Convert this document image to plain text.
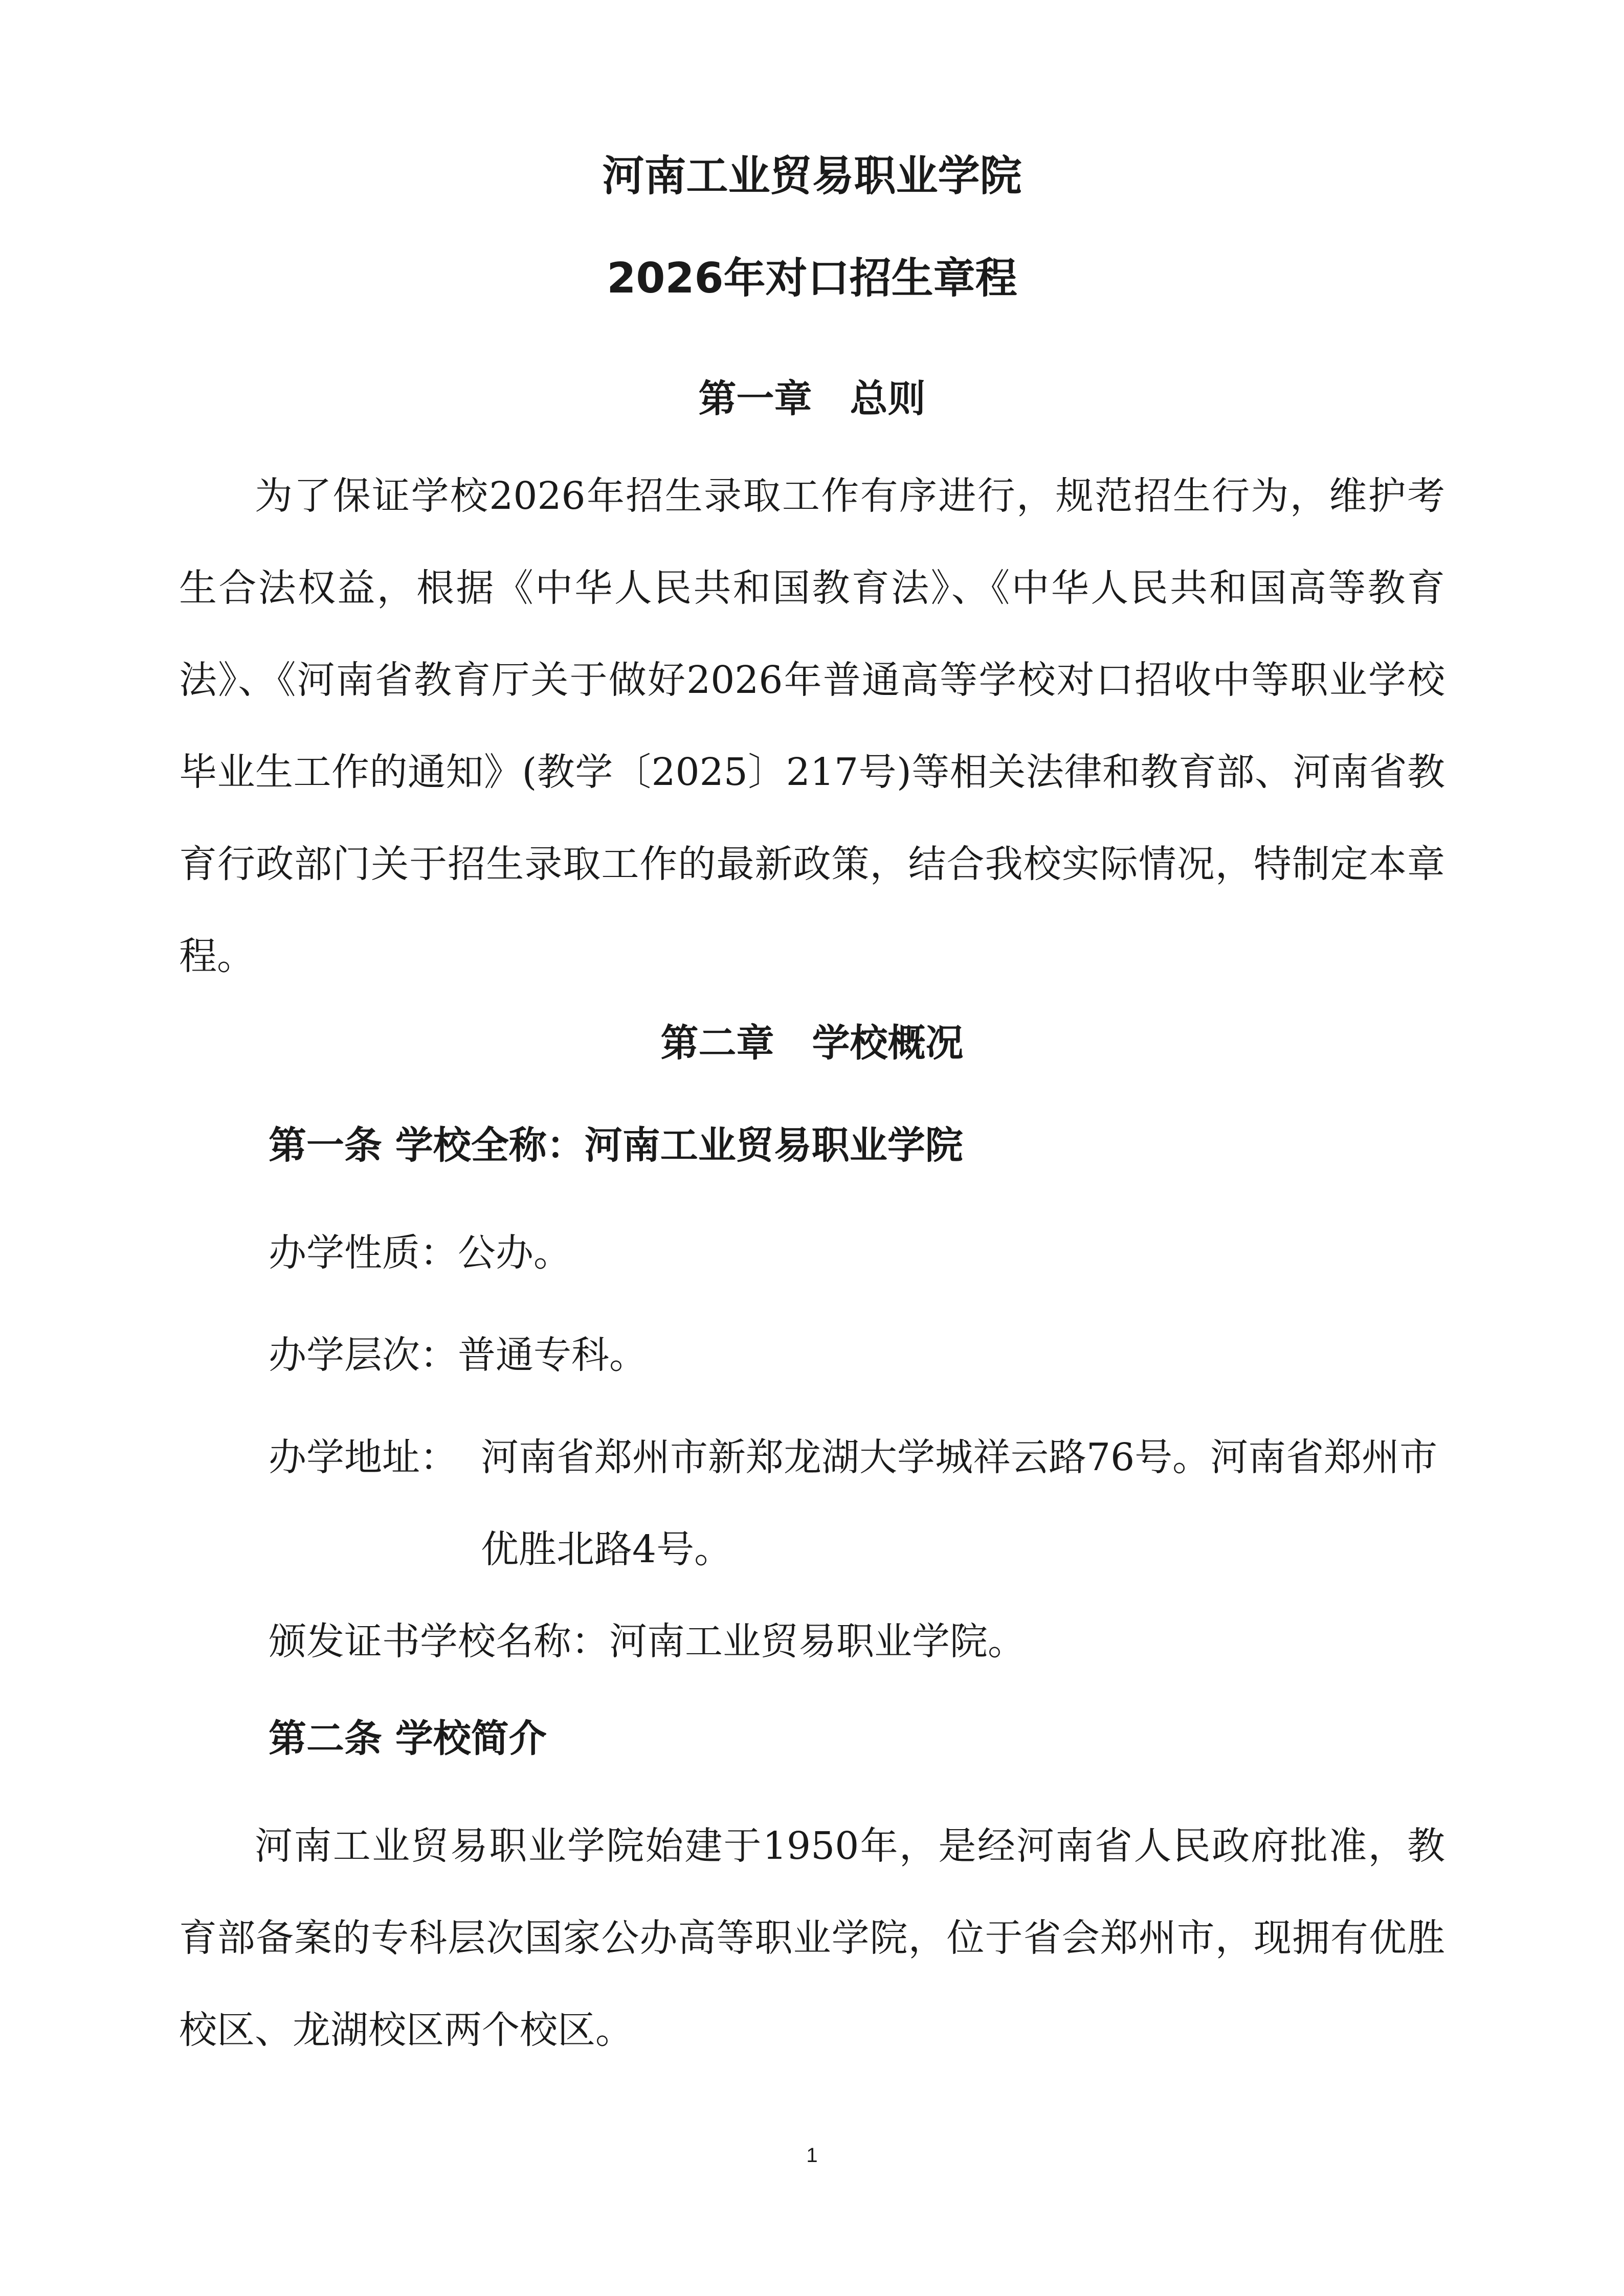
河南工业贸易职业学院
2026年对口招生章程
第一章　总则

为了保证学校2026年招生录取工作有序进行，规范招生行为，维护考生合法权益，根据《中华人民共和国教育法》、《中华人民共和国高等教育法》、《河南省教育厅关于做好2026年普通高等学校对口招收中等职业学校毕业生工作的通知》(教学〔2025〕217号)等相关法律和教育部、河南省教育行政部门关于招生录取工作的最新政策，结合我校实际情况，特制定本章程。

第二章　学校概况
第一条 学校全称：河南工业贸易职业学院

办学性质：公办。

办学层次：普通专科。

办学地址： 河南省郑州市新郑龙湖大学城祥云路76号。河南省郑州市优胜北路4号。

颁发证书学校名称：河南工业贸易职业学院。

第二条 学校简介

河南工业贸易职业学院始建于1950年，是经河南省人民政府批准，教育部备案的专科层次国家公办高等职业学院，位于省会郑州市，现拥有优胜校区、龙湖校区两个校区。

1
